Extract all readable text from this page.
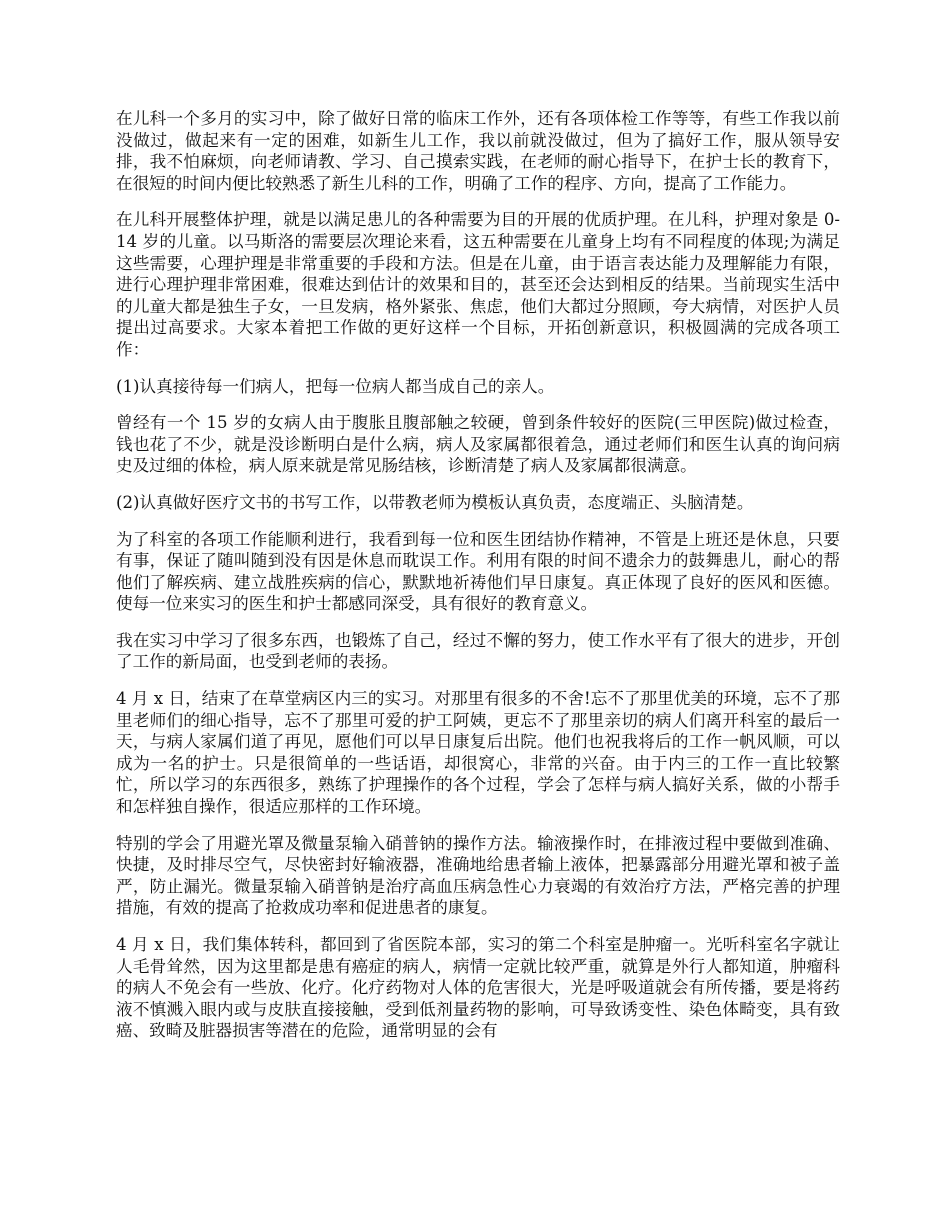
在儿科一个多月的实习中，除了做好日常的临床工作外，还有各项体检工作等等，有些工作我以前没做过，做起来有一定的困难，如新生儿工作，我以前就没做过，但为了搞好工作，服从领导安排，我不怕麻烦，向老师请教、学习、自己摸索实践，在老师的耐心指导下，在护士长的教育下，在很短的时间内便比较熟悉了新生儿科的工作，明确了工作的程序、方向，提高了工作能力。

在儿科开展整体护理，就是以满足患儿的各种需要为目的开展的优质护理。在儿科，护理对象是 0-14 岁的儿童。以马斯洛的需要层次理论来看，这五种需要在儿童身上均有不同程度的体现;为满足这些需要，心理护理是非常重要的手段和方法。但是在儿童，由于语言表达能力及理解能力有限，进行心理护理非常困难，很难达到估计的效果和目的，甚至还会达到相反的结果。当前现实生活中的儿童大都是独生子女，一旦发病，格外紧张、焦虑，他们大都过分照顾，夸大病情，对医护人员提出过高要求。大家本着把工作做的更好这样一个目标，开拓创新意识，积极圆满的完成各项工作：

(1)认真接待每一们病人，把每一位病人都当成自己的亲人。

曾经有一个 15 岁的女病人由于腹胀且腹部触之较硬，曾到条件较好的医院(三甲医院)做过检查，钱也花了不少，就是没诊断明白是什么病，病人及家属都很着急，通过老师们和医生认真的询问病史及过细的体检，病人原来就是常见肠结核，诊断清楚了病人及家属都很满意。

(2)认真做好医疗文书的书写工作，以带教老师为模板认真负责，态度端正、头脑清楚。

为了科室的各项工作能顺利进行，我看到每一位和医生团结协作精神，不管是上班还是休息，只要有事，保证了随叫随到没有因是休息而耽误工作。利用有限的时间不遗余力的鼓舞患儿，耐心的帮他们了解疾病、建立战胜疾病的信心，默默地祈祷他们早日康复。真正体现了良好的医风和医德。使每一位来实习的医生和护士都感同深受，具有很好的教育意义。

我在实习中学习了很多东西，也锻炼了自己，经过不懈的努力，使工作水平有了很大的进步，开创了工作的新局面，也受到老师的表扬。

4 月 x 日，结束了在草堂病区内三的实习。对那里有很多的不舍!忘不了那里优美的环境，忘不了那里老师们的细心指导，忘不了那里可爱的护工阿姨，更忘不了那里亲切的病人们离开科室的最后一天，与病人家属们道了再见，愿他们可以早日康复后出院。他们也祝我将后的工作一帆风顺，可以成为一名的护士。只是很简单的一些话语，却很窝心，非常的兴奋。由于内三的工作一直比较繁忙，所以学习的东西很多，熟练了护理操作的各个过程，学会了怎样与病人搞好关系，做的小帮手和怎样独自操作，很适应那样的工作环境。

特别的学会了用避光罩及微量泵输入硝普钠的操作方法。输液操作时，在排液过程中要做到准确、快捷，及时排尽空气，尽快密封好输液器，准确地给患者输上液体，把暴露部分用避光罩和被子盖严，防止漏光。微量泵输入硝普钠是治疗高血压病急性心力衰竭的有效治疗方法，严格完善的护理措施，有效的提高了抢救成功率和促进患者的康复。

4 月 x 日，我们集体转科，都回到了省医院本部，实习的第二个科室是肿瘤一。光听科室名字就让人毛骨耸然，因为这里都是患有癌症的病人，病情一定就比较严重，就算是外行人都知道，肿瘤科的病人不免会有一些放、化疗。化疗药物对人体的危害很大，光是呼吸道就会有所传播，要是将药液不慎溅入眼内或与皮肤直接接触，受到低剂量药物的影响，可导致诱变性、染色体畸变，具有致癌、致畸及脏器损害等潜在的危险，通常明显的会有
